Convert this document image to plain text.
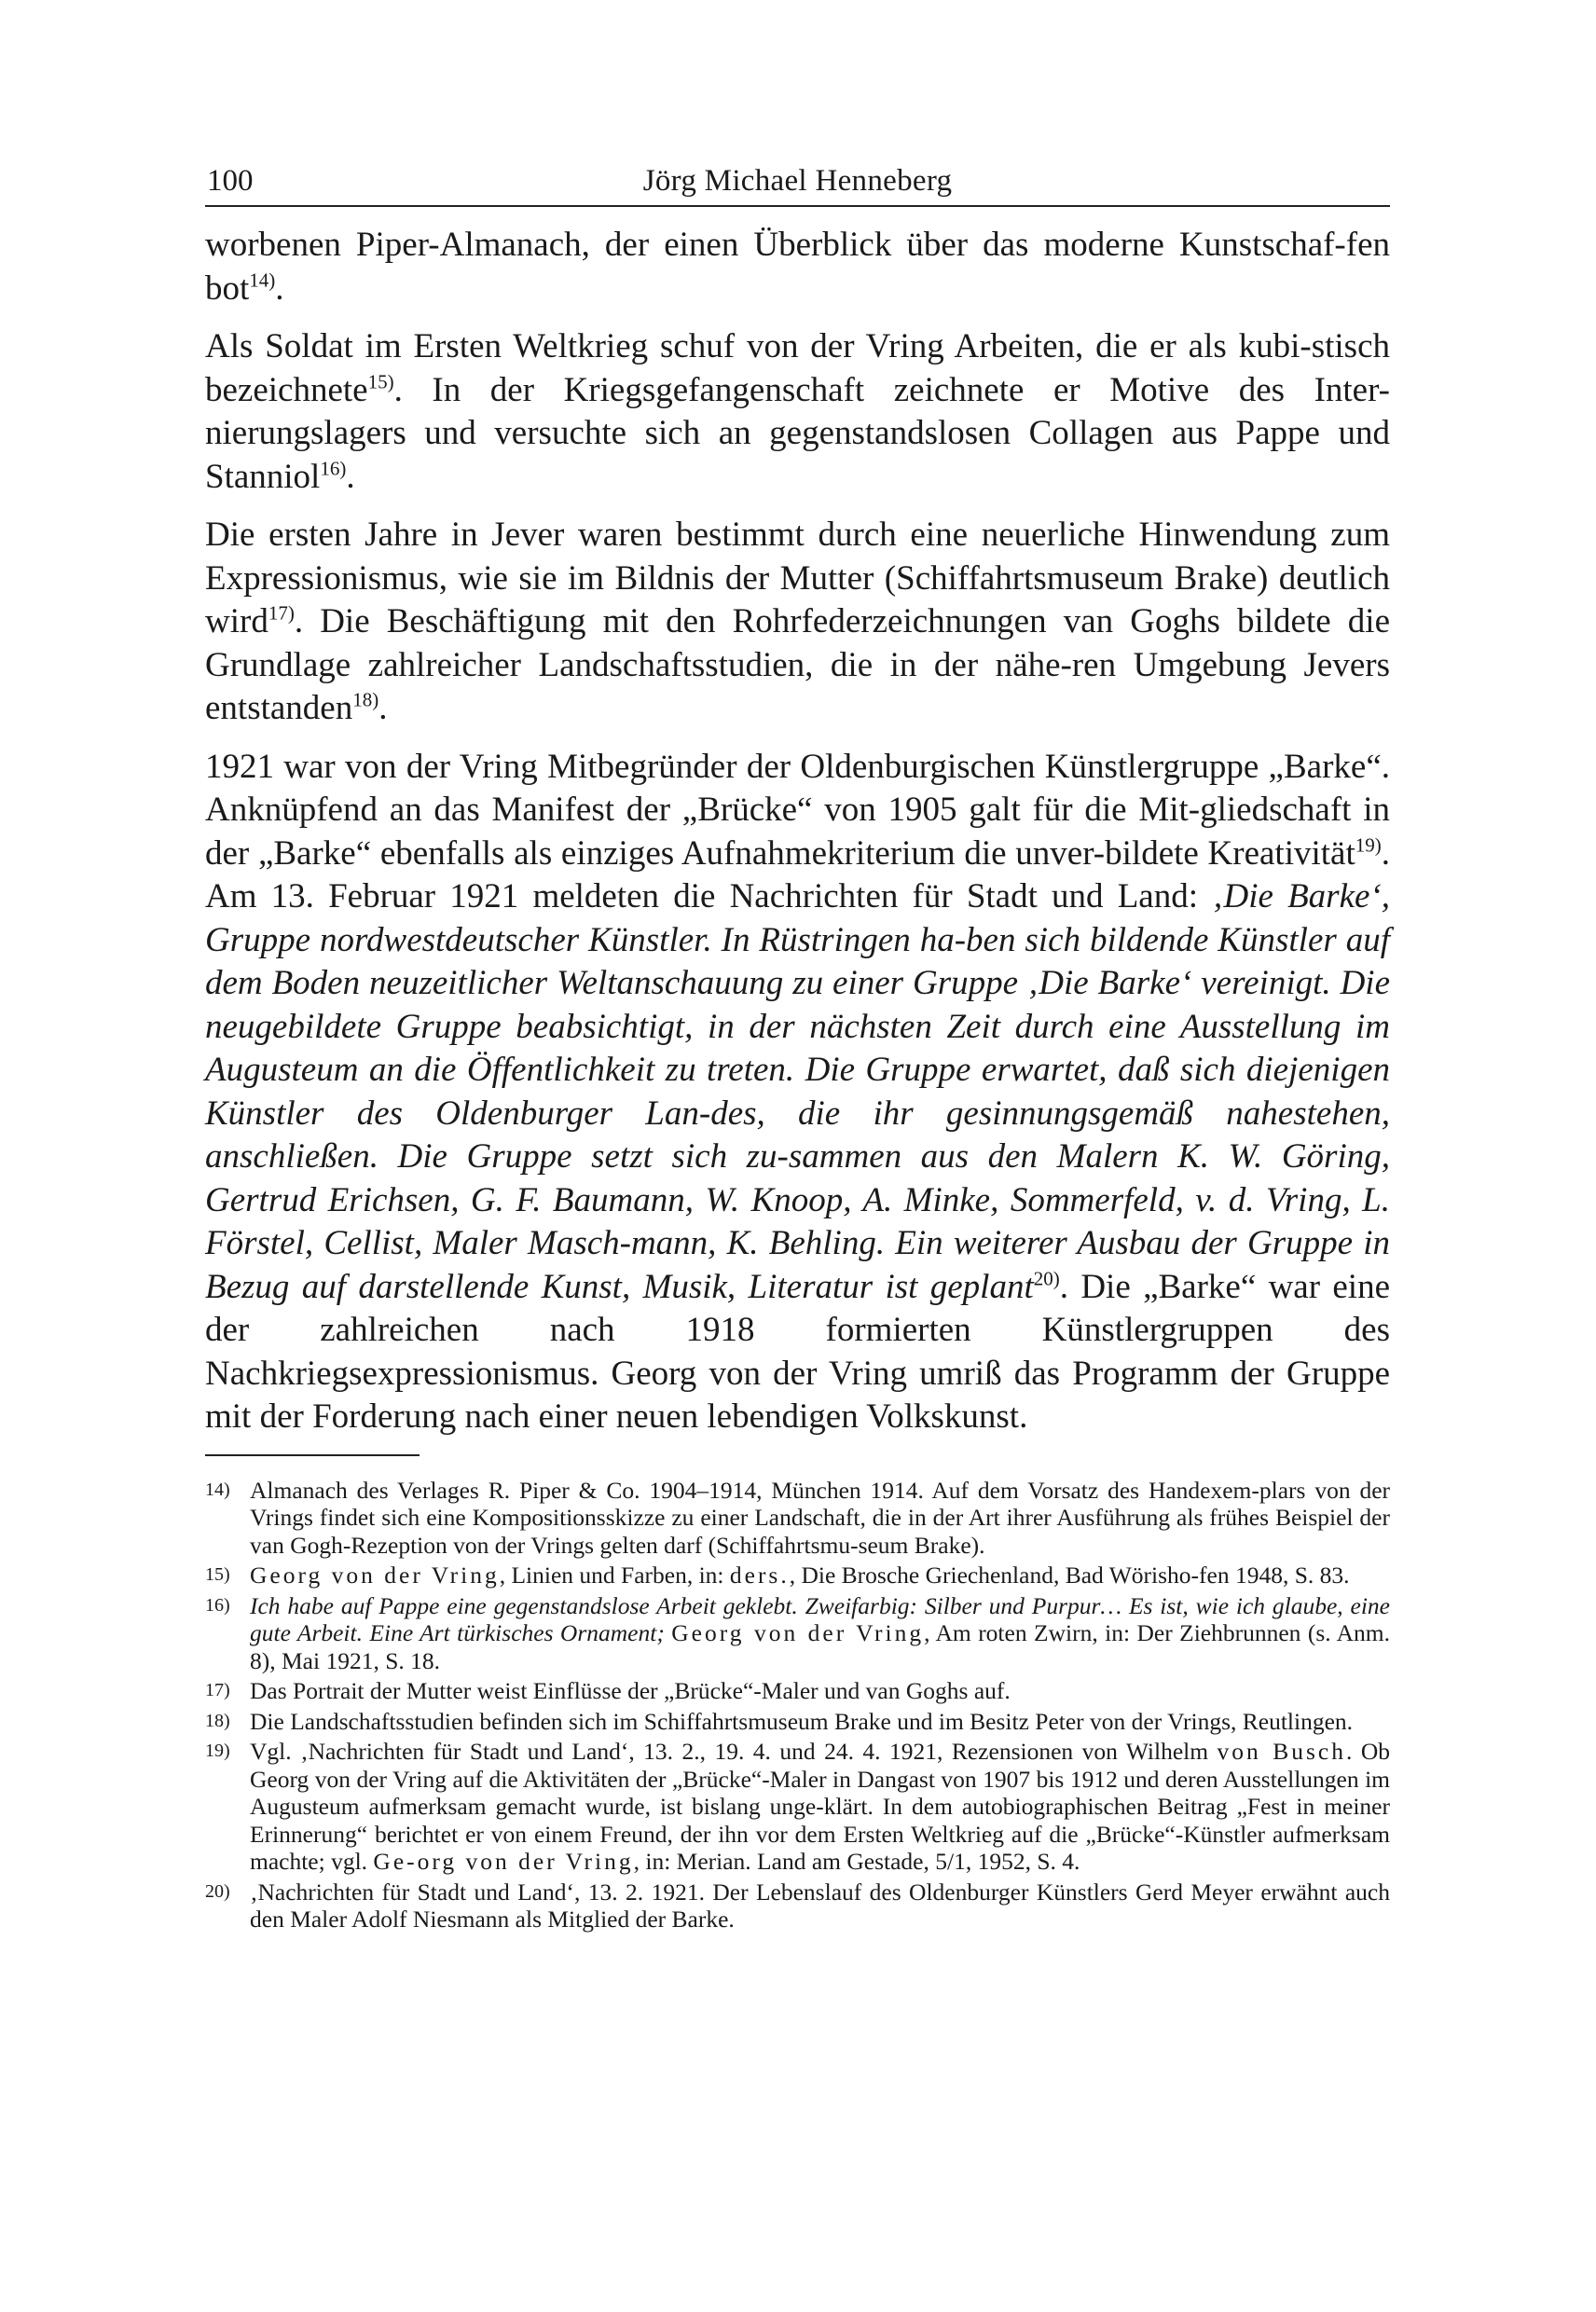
100	Jörg Michael Henneberg

worbenen Piper-Almanach, der einen Überblick über das moderne Kunstschaf-fen bot$^{14)}$.

Als Soldat im Ersten Weltkrieg schuf von der Vring Arbeiten, die er als kubi-stisch bezeichnete$^{15)}$. In der Kriegsgefangenschaft zeichnete er Motive des Inter-nierungslagers und versuchte sich an gegenstandslosen Collagen aus Pappe und Stanniol$^{16)}$.

Die ersten Jahre in Jever waren bestimmt durch eine neuerliche Hinwendung zum Expressionismus, wie sie im Bildnis der Mutter (Schiffahrtsmuseum Brake) deutlich wird$^{17)}$. Die Beschäftigung mit den Rohrfederzeichnungen van Goghs bildete die Grundlage zahlreicher Landschaftsstudien, die in der nähe-ren Umgebung Jevers entstanden$^{18)}$.

1921 war von der Vring Mitbegründer der Oldenburgischen Künstlergruppe „Barke“. Anknüpfend an das Manifest der „Brücke“ von 1905 galt für die Mit-gliedschaft in der „Barke“ ebenfalls als einziges Aufnahmekriterium die unver-bildete Kreativität$^{19)}$. Am 13. Februar 1921 meldeten die Nachrichten für Stadt und Land: ‚Die Barke‘, Gruppe nordwestdeutscher Künstler. In Rüstringen ha-ben sich bildende Künstler auf dem Boden neuzeitlicher Weltanschauung zu einer Gruppe ‚Die Barke‘ vereinigt. Die neugebildete Gruppe beabsichtigt, in der nächsten Zeit durch eine Ausstellung im Augusteum an die Öffentlichkeit zu treten. Die Gruppe erwartet, daß sich diejenigen Künstler des Oldenburger Lan-des, die ihr gesinnungsgemäß nahestehen, anschließen. Die Gruppe setzt sich zu-sammen aus den Malern K. W. Göring, Gertrud Erichsen, G. F. Baumann, W. Knoop, A. Minke, Sommerfeld, v. d. Vring, L. Förstel, Cellist, Maler Masch-mann, K. Behling. Ein weiterer Ausbau der Gruppe in Bezug auf darstellende Kunst, Musik, Literatur ist geplant$^{20)}$. Die „Barke“ war eine der zahlreichen nach 1918 formierten Künstlergruppen des Nachkriegsexpressionismus. Georg von der Vring umriß das Programm der Gruppe mit der Forderung nach einer neuen lebendigen Volkskunst.

14) Almanach des Verlages R. Piper & Co. 1904–1914, München 1914. Auf dem Vorsatz des Handexem-plars von der Vrings findet sich eine Kompositionsskizze zu einer Landschaft, die in der Art ihrer Ausführung als frühes Beispiel der van Gogh-Rezeption von der Vrings gelten darf (Schiffahrtsmu-seum Brake).
15) Georg von der Vring, Linien und Farben, in: ders., Die Brosche Griechenland, Bad Wörisho-fen 1948, S. 83.
16) Ich habe auf Pappe eine gegenstandslose Arbeit geklebt. Zweifarbig: Silber und Purpur… Es ist, wie ich glaube, eine gute Arbeit. Eine Art türkisches Ornament; Georg von der Vring, Am roten Zwirn, in: Der Ziehbrunnen (s. Anm. 8), Mai 1921, S. 18.
17) Das Portrait der Mutter weist Einflüsse der „Brücke“-Maler und van Goghs auf.
18) Die Landschaftsstudien befinden sich im Schiffahrtsmuseum Brake und im Besitz Peter von der Vrings, Reutlingen.
19) Vgl. ‚Nachrichten für Stadt und Land‘, 13. 2., 19. 4. und 24. 4. 1921, Rezensionen von Wilhelm von Busch. Ob Georg von der Vring auf die Aktivitäten der „Brücke“-Maler in Dangast von 1907 bis 1912 und deren Ausstellungen im Augusteum aufmerksam gemacht wurde, ist bislang unge-klärt. In dem autobiographischen Beitrag „Fest in meiner Erinnerung“ berichtet er von einem Freund, der ihn vor dem Ersten Weltkrieg auf die „Brücke“-Künstler aufmerksam machte; vgl. Ge-org von der Vring, in: Merian. Land am Gestade, 5/1, 1952, S. 4.
20) ‚Nachrichten für Stadt und Land‘, 13. 2. 1921. Der Lebenslauf des Oldenburger Künstlers Gerd Meyer erwähnt auch den Maler Adolf Niesmann als Mitglied der Barke.
